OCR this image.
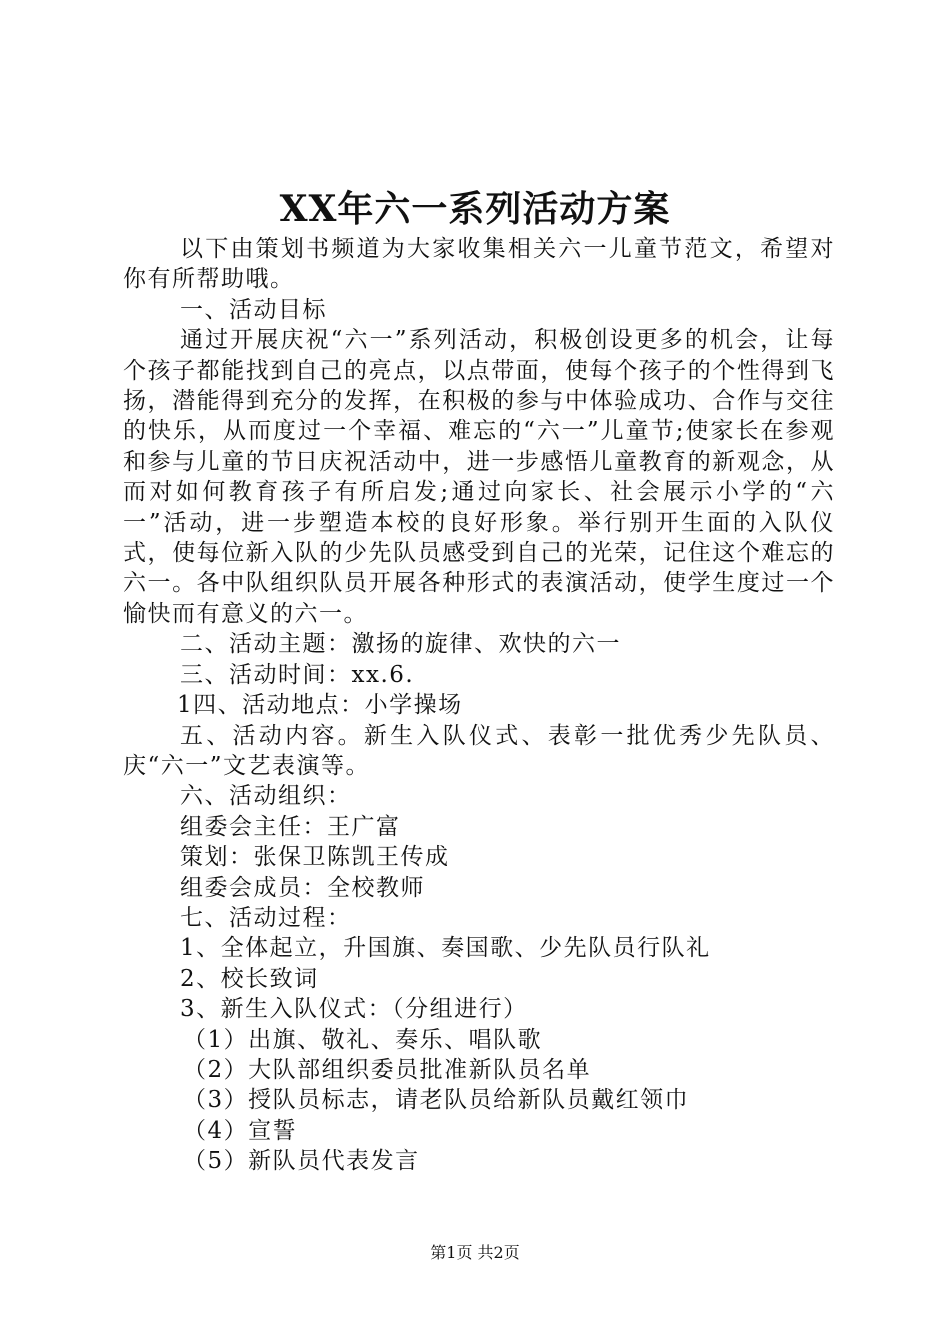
XX年六一系列活动方案

以下由策划书频道为大家收集相关六一儿童节范文，希望对你有所帮助哦。

一、活动目标

通过开展庆祝“六一”系列活动，积极创设更多的机会，让每个孩子都能找到自己的亮点，以点带面，使每个孩子的个性得到飞扬，潜能得到充分的发挥，在积极的参与中体验成功、合作与交往的快乐，从而度过一个幸福、难忘的“六一”儿童节;使家长在参观和参与儿童的节日庆祝活动中，进一步感悟儿童教育的新观念，从而对如何教育孩子有所启发;通过向家长、社会展示小学的“六一”活动，进一步塑造本校的良好形象。举行别开生面的入队仪式，使每位新入队的少先队员感受到自己的光荣，记住这个难忘的六一。各中队组织队员开展各种形式的表演活动，使学生度过一个愉快而有意义的六一。

二、活动主题：激扬的旋律、欢快的六一

三、活动时间：xx.6.

1四、活动地点：小学操场

五、活动内容。新生入队仪式、表彰一批优秀少先队员、庆“六一”文艺表演等。

六、活动组织：

组委会主任：王广富

策划：张保卫陈凯王传成

组委会成员：全校教师

七、活动过程：

1、全体起立，升国旗、奏国歌、少先队员行队礼

2、校长致词

3、新生入队仪式：（分组进行）

（1）出旗、敬礼、奏乐、唱队歌

（2）大队部组织委员批准新队员名单

（3）授队员标志，请老队员给新队员戴红领巾

（4）宣誓

（5）新队员代表发言

第1页 共2页
